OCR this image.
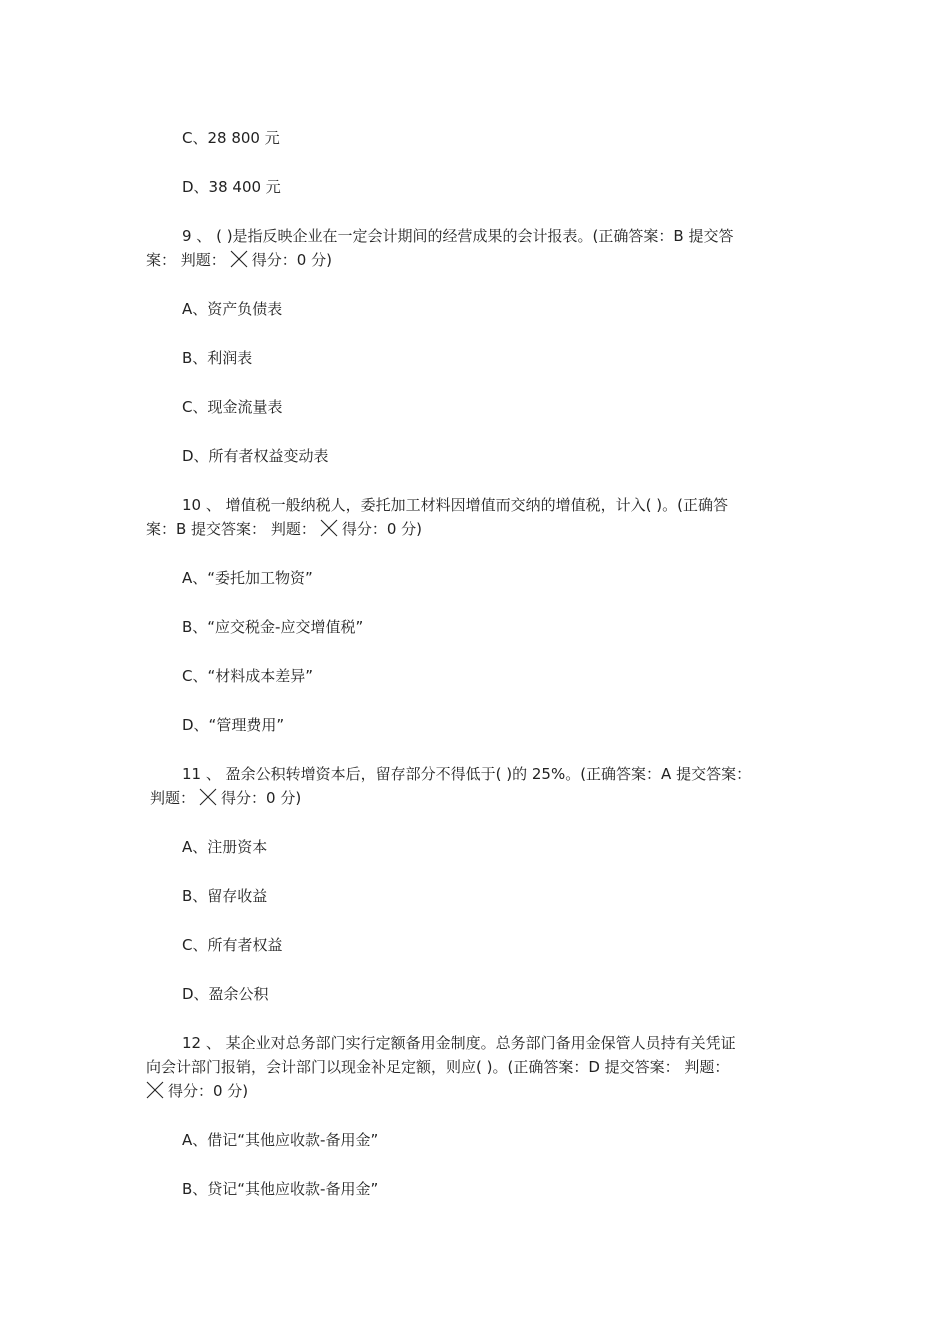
C、28 800 元
D、38 400 元
9 、 ( )是指反映企业在一定会计期间的经营成果的会计报表。(正确答案：B 提交答
案： 判题： 得分：0 分)
A、资产负债表
B、利润表
C、现金流量表
D、所有者权益变动表
10 、 增值税一般纳税人，委托加工材料因增值而交纳的增值税，计入( )。(正确答
案：B 提交答案： 判题： 得分：0 分)
A、“委托加工物资”
B、“应交税金-应交增值税”
C、“材料成本差异”
D、“管理费用”
11 、 盈余公积转增资本后，留存部分不得低于( )的 25%。(正确答案：A 提交答案：
判题： 得分：0 分)
A、注册资本
B、留存收益
C、所有者权益
D、盈余公积
12 、 某企业对总务部门实行定额备用金制度。总务部门备用金保管人员持有关凭证
向会计部门报销，会计部门以现金补足定额，则应( )。(正确答案：D 提交答案： 判题：
得分：0 分)
A、借记“其他应收款-备用金”
B、贷记“其他应收款-备用金”
